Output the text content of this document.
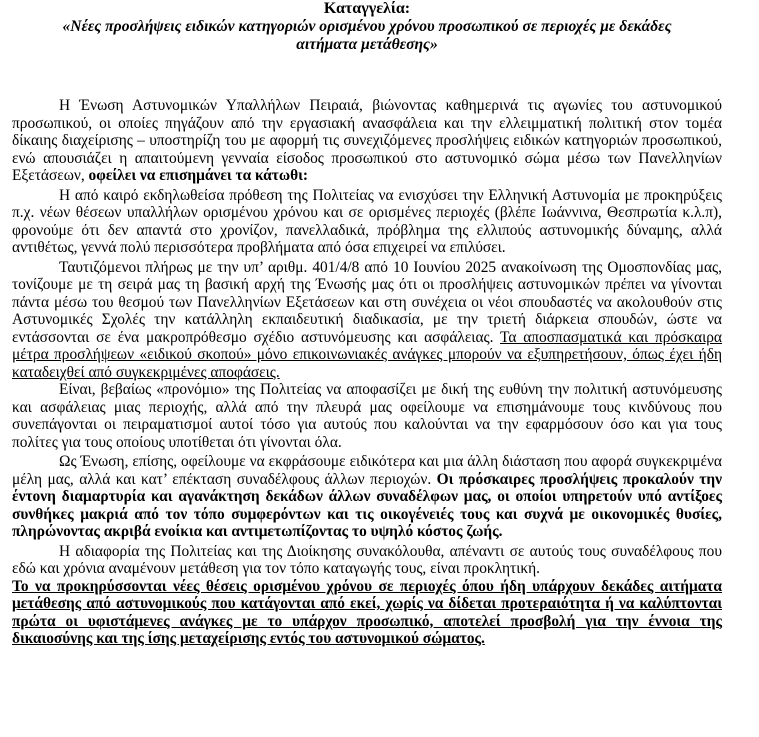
Καταγγελία:

«Νέες προσλήψεις ειδικών κατηγοριών ορισμένου χρόνου προσωπικού σε περιοχές με δεκάδες αιτήματα μετάθεσης»

Η Ένωση Αστυνομικών Υπαλλήλων Πειραιά, βιώνοντας καθημερινά τις αγωνίες του αστυνομικού προσωπικού, οι οποίες πηγάζουν από την εργασιακή ανασφάλεια και την ελλειμματική πολιτική στον τομέα δίκαιης διαχείρισης – υποστηρίζη του με αφορμή τις συνεχιζόμενες προσλήψεις ειδικών κατηγοριών προσωπικού, ενώ απουσιάζει η απαιτούμενη γενναία είσοδος προσωπικού στο αστυνομικό σώμα μέσω των Πανελληνίων Εξετάσεων, οφείλει να επισημάνει τα κάτωθι:

Η από καιρό εκδηλωθείσα πρόθεση της Πολιτείας να ενισχύσει την Ελληνική Αστυνομία με προκηρύξεις π.χ. νέων θέσεων υπαλλήλων ορισμένου χρόνου και σε ορισμένες περιοχές (βλέπε Ιωάννινα, Θεσπρωτία κ.λ.π), φρονούμε ότι δεν απαντά στο χρονίζον, πανελλαδικά, πρόβλημα της ελλιπούς αστυνομικής δύναμης, αλλά αντιθέτως, γεννά πολύ περισσότερα προβλήματα από όσα επιχειρεί να επιλύσει.

Ταυτιζόμενοι πλήρως με την υπ’ αριθμ. 401/4/8 από 10 Ιουνίου 2025 ανακοίνωση της Ομοσπονδίας μας, τονίζουμε με τη σειρά μας τη βασική αρχή της Ένωσής μας ότι οι προσλήψεις αστυνομικών πρέπει να γίνονται πάντα μέσω του θεσμού των Πανελληνίων Εξετάσεων και στη συνέχεια οι νέοι σπουδαστές να ακολουθούν στις Αστυνομικές Σχολές την κατάλληλη εκπαιδευτική διαδικασία, με την τριετή διάρκεια σπουδών, ώστε να εντάσσονται σε ένα μακροπρόθεσμο σχέδιο αστυνόμευσης και ασφάλειας. Τα αποσπασματικά και πρόσκαιρα μέτρα προσλήψεων «ειδικού σκοπού» μόνο επικοινωνιακές ανάγκες μπορούν να εξυπηρετήσουν, όπως έχει ήδη καταδειχθεί από συγκεκριμένες αποφάσεις.

Είναι, βεβαίως «προνόμιο» της Πολιτείας να αποφασίζει με δική της ευθύνη την πολιτική αστυνόμευσης και ασφάλειας μιας περιοχής, αλλά από την πλευρά μας οφείλουμε να επισημάνουμε τους κινδύνους που συνεπάγονται οι πειραματισμοί αυτοί τόσο για αυτούς που καλούνται να την εφαρμόσουν όσο και για τους πολίτες για τους οποίους υποτίθεται ότι γίνονται όλα.

Ως Ένωση, επίσης, οφείλουμε να εκφράσουμε ειδικότερα και μια άλλη διάσταση που αφορά συγκεκριμένα μέλη μας, αλλά και κατ’ επέκταση συναδέλφους άλλων περιοχών. Οι πρόσκαιρες προσλήψεις προκαλούν την έντονη διαμαρτυρία και αγανάκτηση δεκάδων άλλων συναδέλφων μας, οι οποίοι υπηρετούν υπό αντίξοες συνθήκες μακριά από τον τόπο συμφερόντων και τις οικογένειές τους και συχνά με οικονομικές θυσίες, πληρώνοντας ακριβά ενοίκια και αντιμετωπίζοντας το υψηλό κόστος ζωής.

Η αδιαφορία της Πολιτείας και της Διοίκησης συνακόλουθα, απέναντι σε αυτούς τους συναδέλφους που εδώ και χρόνια αναμένουν μετάθεση για τον τόπο καταγωγής τους, είναι προκλητική.

Το να προκηρύσσονται νέες θέσεις ορισμένου χρόνου σε περιοχές όπου ήδη υπάρχουν δεκάδες αιτήματα μετάθεσης από αστυνομικούς που κατάγονται από εκεί, χωρίς να δίδεται προτεραιότητα ή να καλύπτονται πρώτα οι υφιστάμενες ανάγκες με το υπάρχον προσωπικό, αποτελεί προσβολή για την έννοια της δικαιοσύνης και της ίσης μεταχείρισης εντός του αστυνομικού σώματος.
